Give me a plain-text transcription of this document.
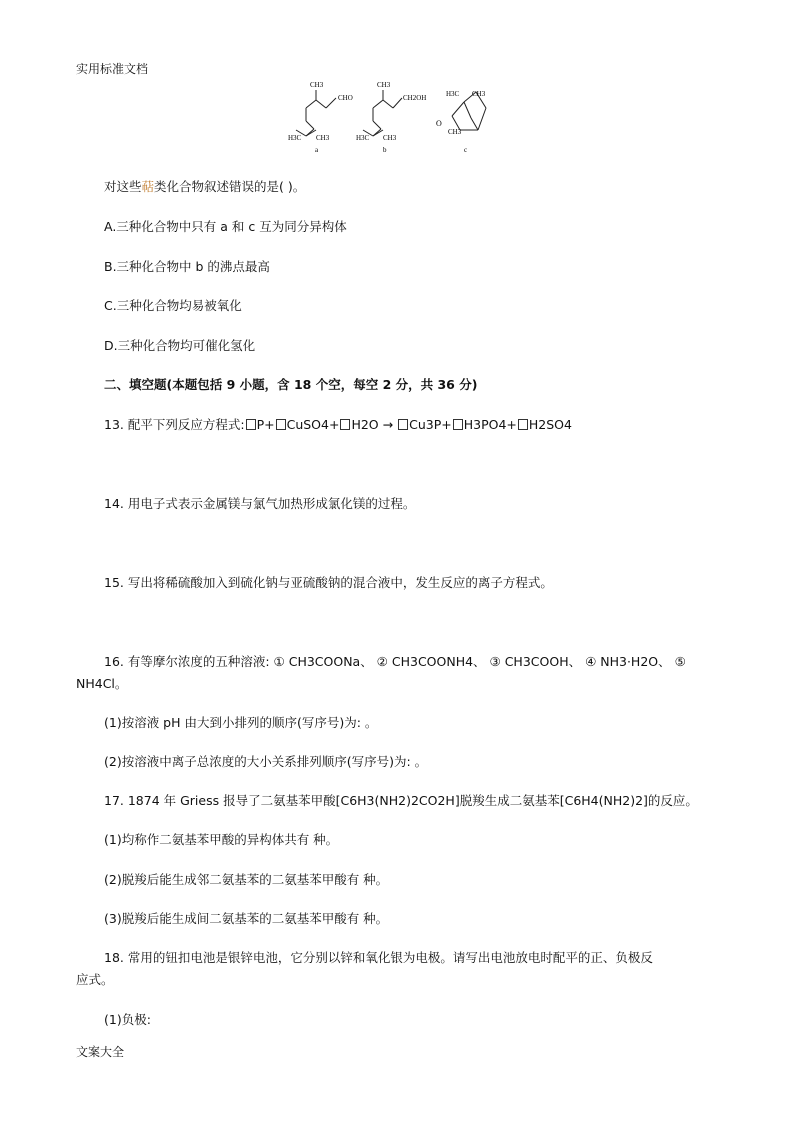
实用标准文档
CH3
CHO
H3C CH3
a
CH3
CH2OH
H3C CH3
b
H3C CH3
O
CH3
c
对这些萜类化合物叙述错误的是( )。
A.三种化合物中只有 a 和 c 互为同分异构体
B.三种化合物中 b 的沸点最高
C.三种化合物均易被氧化
D.三种化合物均可催化氢化
二、填空题(本题包括 9 小题，含 18 个空，每空 2 分，共 36 分)
13. 配平下列反应方程式: P+ CuSO4+ H2O → Cu3P+ H3PO4+ H2SO4
14. 用电子式表示金属镁与氯气加热形成氯化镁的过程。
15. 写出将稀硫酸加入到硫化钠与亚硫酸钠的混合液中，发生反应的离子方程式。
16. 有等摩尔浓度的五种溶液: ① CH3COONa、 ② CH3COONH4、 ③ CH3COOH、 ④ NH3·H2O、 ⑤
NH4Cl。
(1)按溶液 pH 由大到小排列的顺序(写序号)为: 。
(2)按溶液中离子总浓度的大小关系排列顺序(写序号)为: 。
17. 1874 年 Griess 报导了二氨基苯甲酸[C6H3(NH2)2CO2H]脱羧生成二氨基苯[C6H4(NH2)2]的反应。
(1)均称作二氨基苯甲酸的异构体共有 种。
(2)脱羧后能生成邻二氨基苯的二氨基苯甲酸有 种。
(3)脱羧后能生成间二氨基苯的二氨基苯甲酸有 种。
18. 常用的钮扣电池是银锌电池，它分别以锌和氧化银为电极。请写出电池放电时配平的正、负极反
应式。
(1)负极:
文案大全
